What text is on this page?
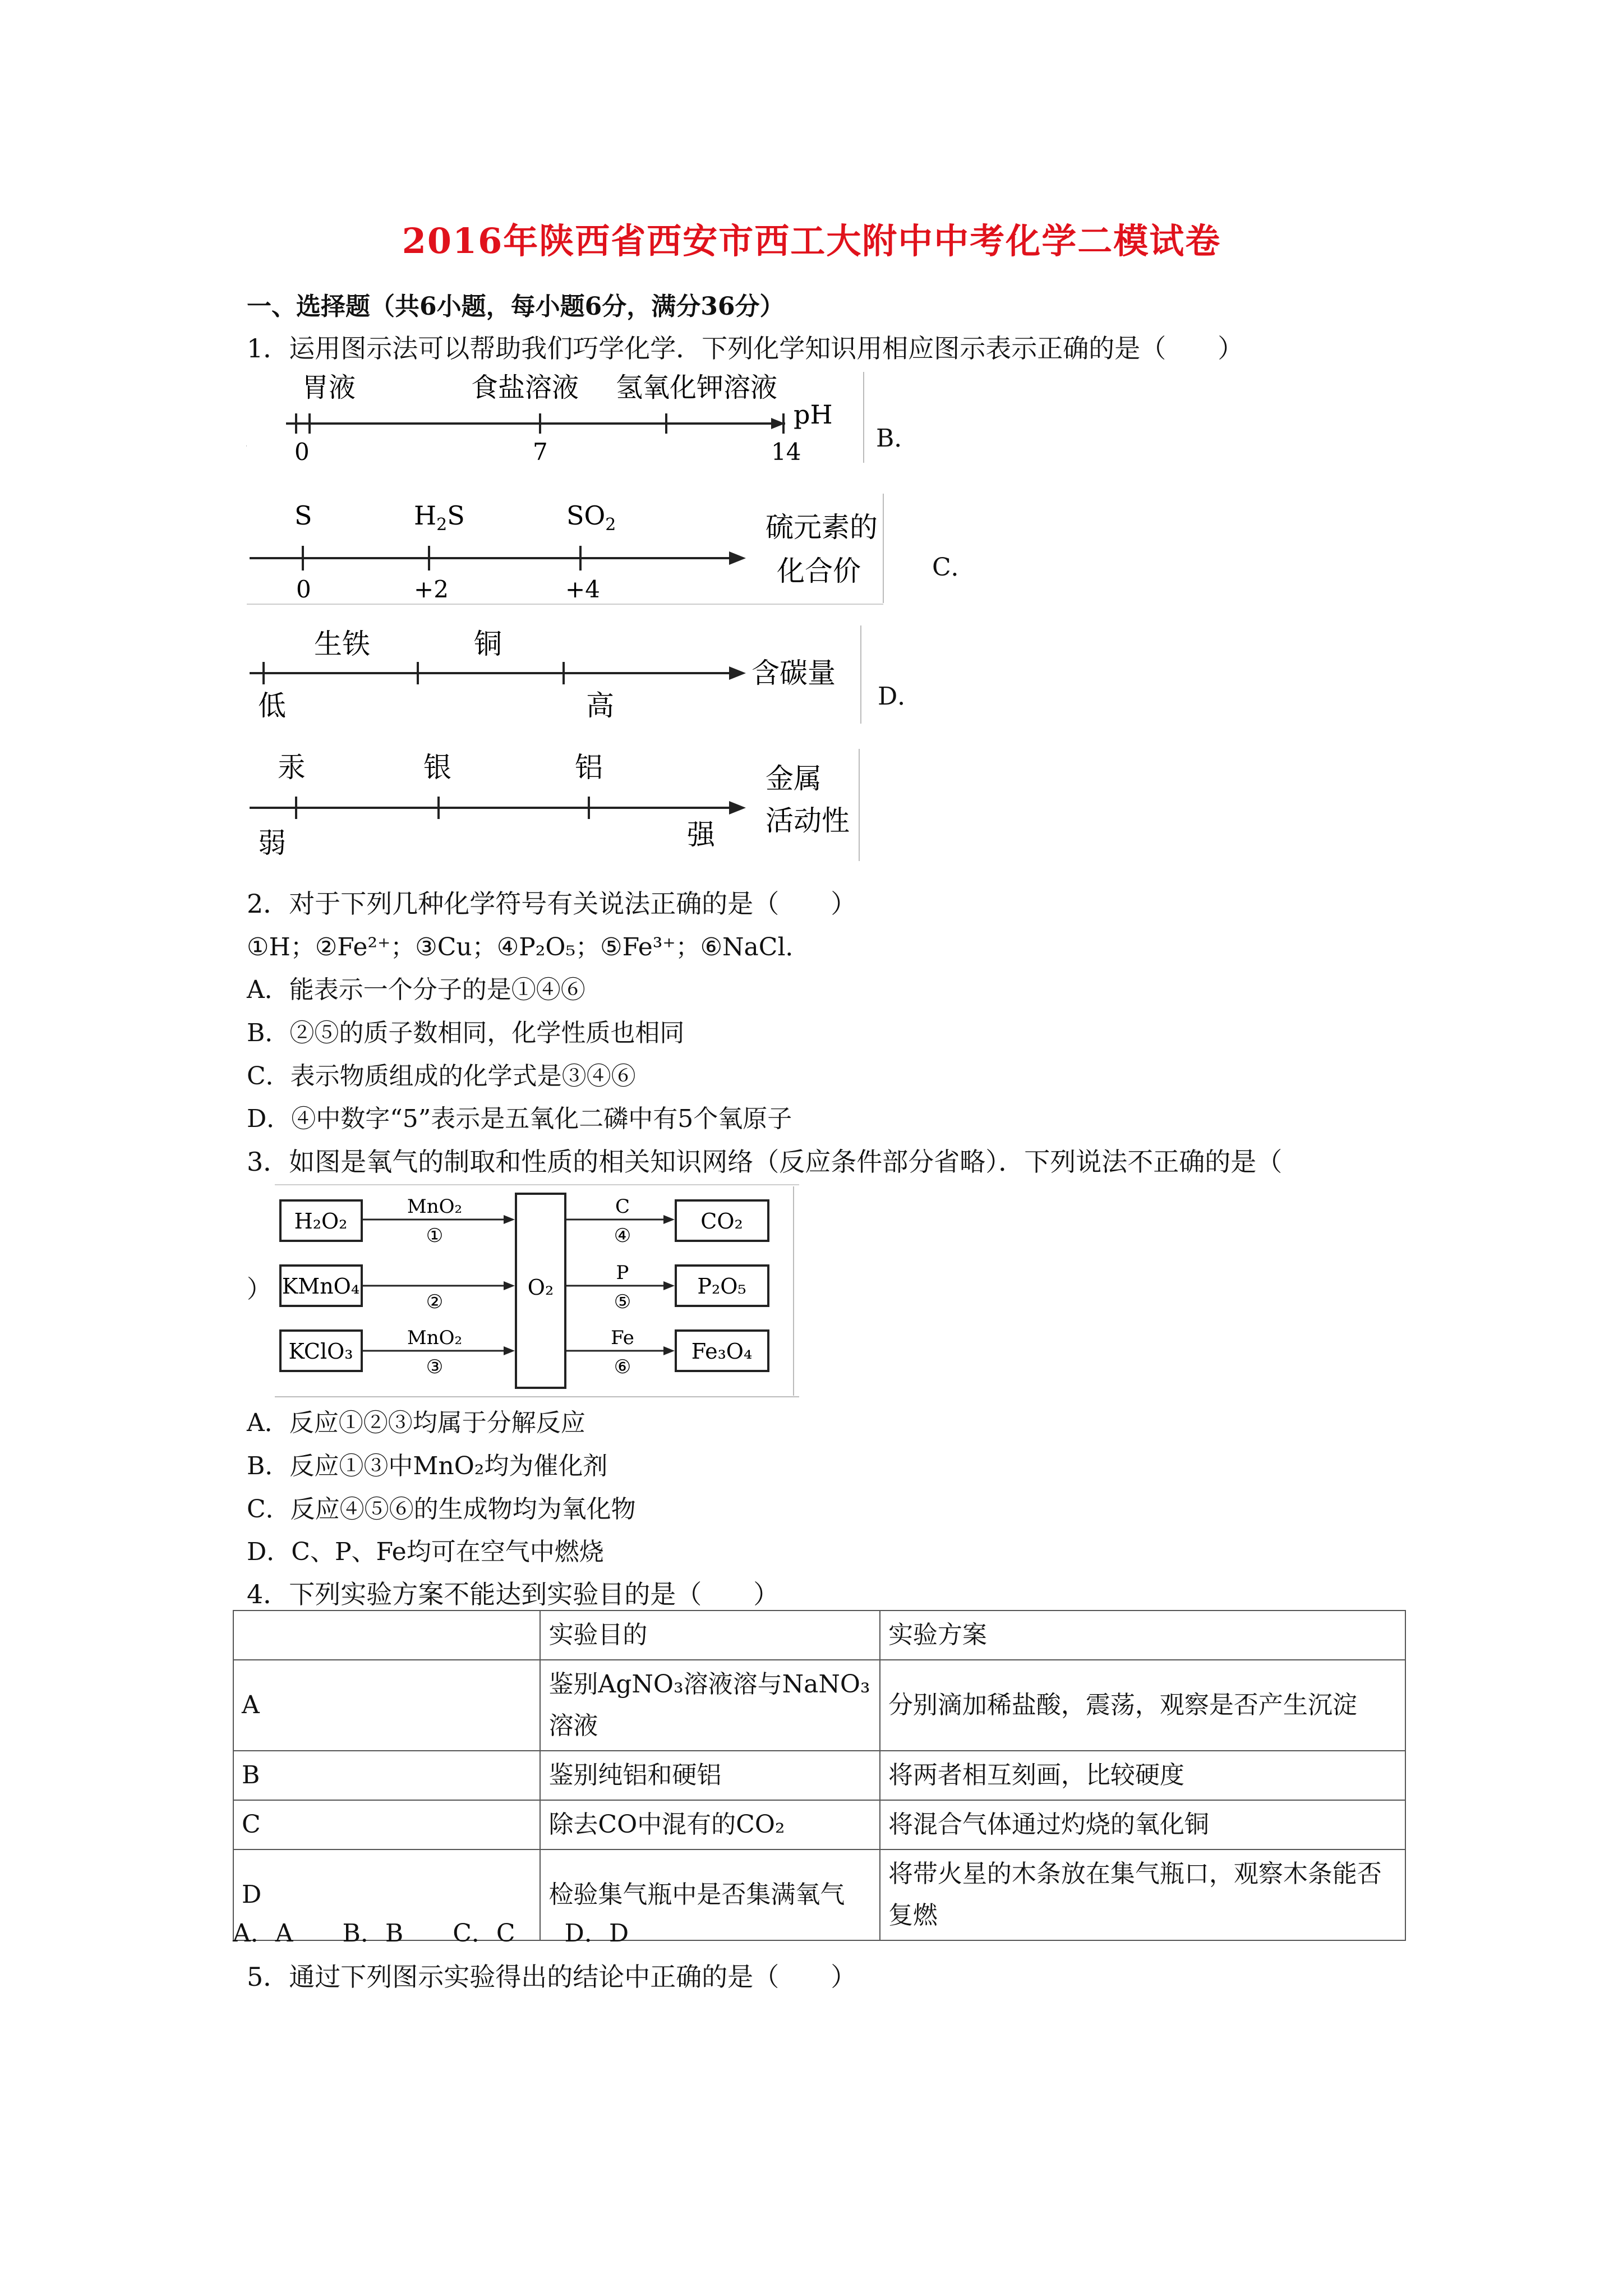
2016年陕西省西安市西工大附中中考化学二模试卷
一、选择题（共6小题，每小题6分，满分36分）
1．运用图示法可以帮助我们巧学化学．下列化学知识用相应图示表示正确的是（　　）
A．	B．
C．
D．
胃液	食盐溶液 氢氧化钾溶液
pH
0	7	14
S	$H_2S$	$SO_2$
0	+2	+4
硫元素的
化合价
生铁	铜
含碳量
低	高
汞	银	铝	金属
活动性
弱	强
2．对于下列几种化学符号有关说法正确的是（　　）
①H；②Fe²⁺；③Cu；④P₂O₅；⑤Fe³⁺；⑥NaCl．
A．能表示一个分子的是①④⑥
B．②⑤的质子数相同，化学性质也相同
C．表示物质组成的化学式是③④⑥
D．④中数字“5”表示是五氧化二磷中有5个氧原子
3．如图是氧气的制取和性质的相关知识网络（反应条件部分省略）．下列说法不正确的是（
）
H₂O₂
KMnO₄
KClO₃
MnO₂
MnO₂
①
②
③
O₂
C
P
Fe
④
⑤
⑥
CO₂
P₂O₅
Fe₃O₄
A．反应①②③均属于分解反应
B．反应①③中MnO₂均为催化剂
C．反应④⑤⑥的生成物均为氧化物
D．C、P、Fe均可在空气中燃烧
4．下列实验方案不能达到实验目的是（　　）
	实验目的	实验方案
A	鉴别AgNO₃溶液溶与NaNO₃溶液	分别滴加稀盐酸，震荡，观察是否产生沉淀
B	鉴别纯铝和硬铝	将两者相互刻画，比较硬度
C	除去CO中混有的CO₂	将混合气体通过灼烧的氧化铜
D	检验集气瓶中是否集满氧气	将带火星的木条放在集气瓶口，观察木条能否复燃
A．A　　B．B　　C．C　　D．D
5．通过下列图示实验得出的结论中正确的是（　　）
